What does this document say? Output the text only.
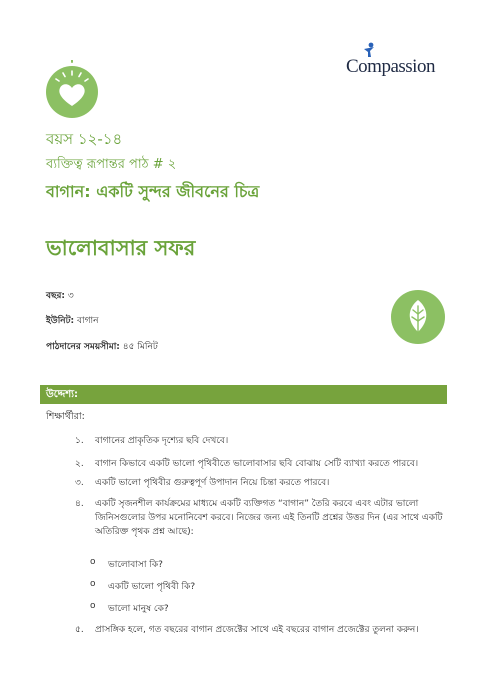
Compassion
বয়স ১২-১৪
ব্যক্তিত্ব রূপান্তর পাঠ # ২
বাগান: একটি সুন্দর জীবনের চিত্র
ভালোবাসার সফর
বছর: ৩
ইউনিট: বাগান
পাঠদানের সময়সীমা: ৪৫ মিনিট
উদ্দেশ্য:
শিক্ষার্থীরা:
১. বাগানের প্রাকৃতিক দৃশ্যের ছবি দেখবে।
২. বাগান কিভাবে একটি ভালো পৃথিবীতে ভালোবাসার ছবি বোঝায় সেটি ব্যাখ্যা করতে পারবে।
৩. একটি ভালো পৃথিবীর গুরুত্বপূর্ণ উপাদান নিয়ে চিন্তা করতে পারবে।
৪. একটি সৃজনশীল কার্যক্রমের মাধ্যমে একটি ব্যক্তিগত “বাগান” তৈরি করবে এবং এটার ভালো জিনিসগুলোর উপর মনোনিবেশ করবে। নিজের জন্য এই তিনটি প্রশ্নের উত্তর দিন (এর সাথে একটি অতিরিক্ত পৃথক প্রশ্ন আছে):
o ভালোবাসা কি?
o একটি ভালো পৃথিবী কি?
o ভালো মানুষ কে?
৫. প্রাসঙ্গিক হলে, গত বছরের বাগান প্রজেক্টের সাথে এই বছরের বাগান প্রজেক্টের তুলনা করুন।
